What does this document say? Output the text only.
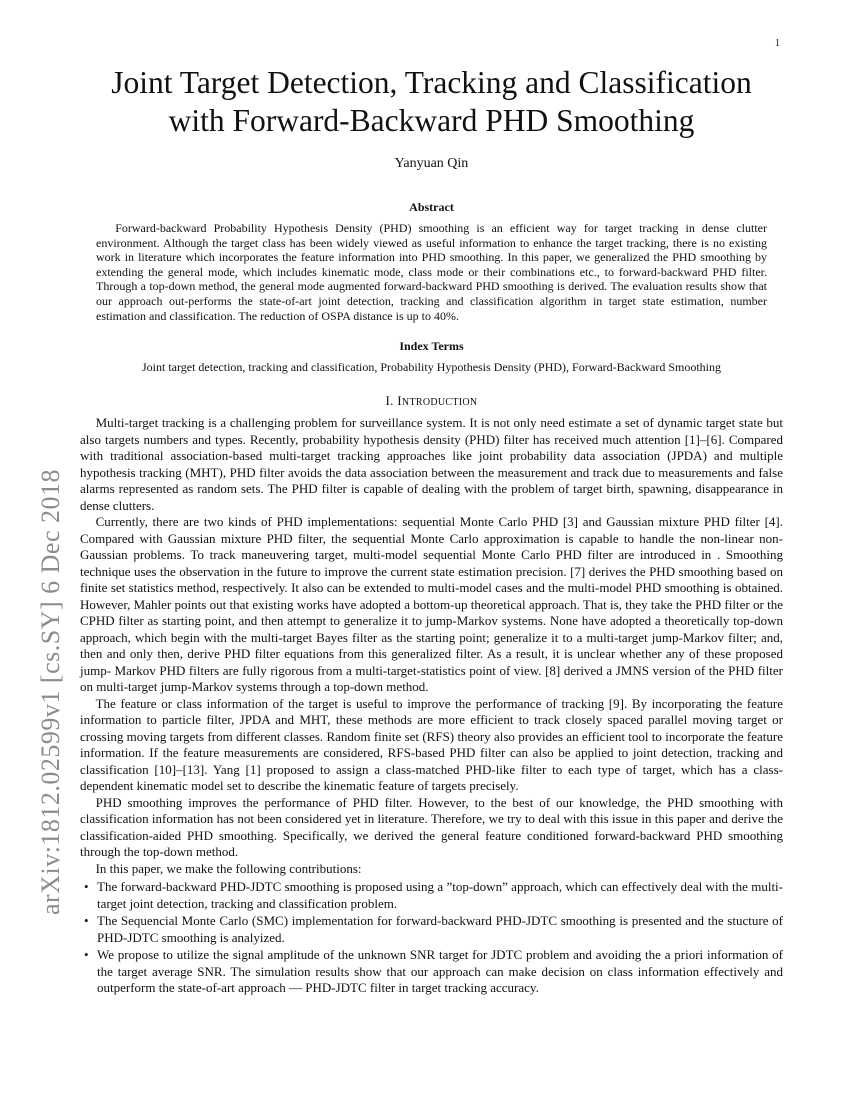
1
arXiv:1812.02599v1 [cs.SY] 6 Dec 2018
Joint Target Detection, Tracking and Classification
with Forward-Backward PHD Smoothing
Yanyuan Qin
Abstract

Forward-backward Probability Hypothesis Density (PHD) smoothing is an efficient way for target tracking in dense clutter environment. Although the target class has been widely viewed as useful information to enhance the target tracking, there is no existing work in literature which incorporates the feature information into PHD smoothing. In this paper, we generalized the PHD smoothing by extending the general mode, which includes kinematic mode, class mode or their combinations etc., to forward-backward PHD filter. Through a top-down method, the general mode augmented forward-backward PHD smoothing is derived. The evaluation results show that our approach out-performs the state-of-art joint detection, tracking and classification algorithm in target state estimation, number estimation and classification. The reduction of OSPA distance is up to 40%.

Index Terms

Joint target detection, tracking and classification, Probability Hypothesis Density (PHD), Forward-Backward Smoothing

I. INTRODUCTION

Multi-target tracking is a challenging problem for surveillance system. It is not only need estimate a set of dynamic target state but also targets numbers and types. Recently, probability hypothesis density (PHD) filter has received much attention [1]–[6]. Compared with traditional association-based multi-target tracking approaches like joint probability data association (JPDA) and multiple hypothesis tracking (MHT), PHD filter avoids the data association between the measurement and track due to measurements and false alarms represented as random sets. The PHD filter is capable of dealing with the problem of target birth, spawning, disappearance in dense clutters.

Currently, there are two kinds of PHD implementations: sequential Monte Carlo PHD [3] and Gaussian mixture PHD filter [4]. Compared with Gaussian mixture PHD filter, the sequential Monte Carlo approximation is capable to handle the non-linear non-Gaussian problems. To track maneuvering target, multi-model sequential Monte Carlo PHD filter are introduced in . Smoothing technique uses the observation in the future to improve the current state estimation precision. [7] derives the PHD smoothing based on finite set statistics method, respectively. It also can be extended to multi-model cases and the multi-model PHD smoothing is obtained. However, Mahler points out that existing works have adopted a bottom-up theoretical approach. That is, they take the PHD filter or the CPHD filter as starting point, and then attempt to generalize it to jump-Markov systems. None have adopted a theoretically top-down approach, which begin with the multi-target Bayes filter as the starting point; generalize it to a multi-target jump-Markov filter; and, then and only then, derive PHD filter equations from this generalized filter. As a result, it is unclear whether any of these proposed jump- Markov PHD filters are fully rigorous from a multi-target-statistics point of view. [8] derived a JMNS version of the PHD filter on multi-target jump-Markov systems through a top-down method.

The feature or class information of the target is useful to improve the performance of tracking [9]. By incorporating the feature information to particle filter, JPDA and MHT, these methods are more efficient to track closely spaced parallel moving target or crossing moving targets from different classes. Random finite set (RFS) theory also provides an efficient tool to incorporate the feature information. If the feature measurements are considered, RFS-based PHD filter can also be applied to joint detection, tracking and classification [10]–[13]. Yang [1] proposed to assign a class-matched PHD-like filter to each type of target, which has a class-dependent kinematic model set to describe the kinematic feature of targets precisely.

PHD smoothing improves the performance of PHD filter. However, to the best of our knowledge, the PHD smoothing with classification information has not been considered yet in literature. Therefore, we try to deal with this issue in this paper and derive the classification-aided PHD smoothing. Specifically, we derived the general feature conditioned forward-backward PHD smoothing through the top-down method.

In this paper, we make the following contributions:

• The forward-backward PHD-JDTC smoothing is proposed using a ”top-down” approach, which can effectively deal with the multi-target joint detection, tracking and classification problem.
• The Sequencial Monte Carlo (SMC) implementation for forward-backward PHD-JDTC smoothing is presented and the stucture of PHD-JDTC smoothing is analyized.
• We propose to utilize the signal amplitude of the unknown SNR target for JDTC problem and avoiding the a priori information of the target average SNR. The simulation results show that our approach can make decision on class information effectively and outperform the state-of-art approach — PHD-JDTC filter in target tracking accuracy.
